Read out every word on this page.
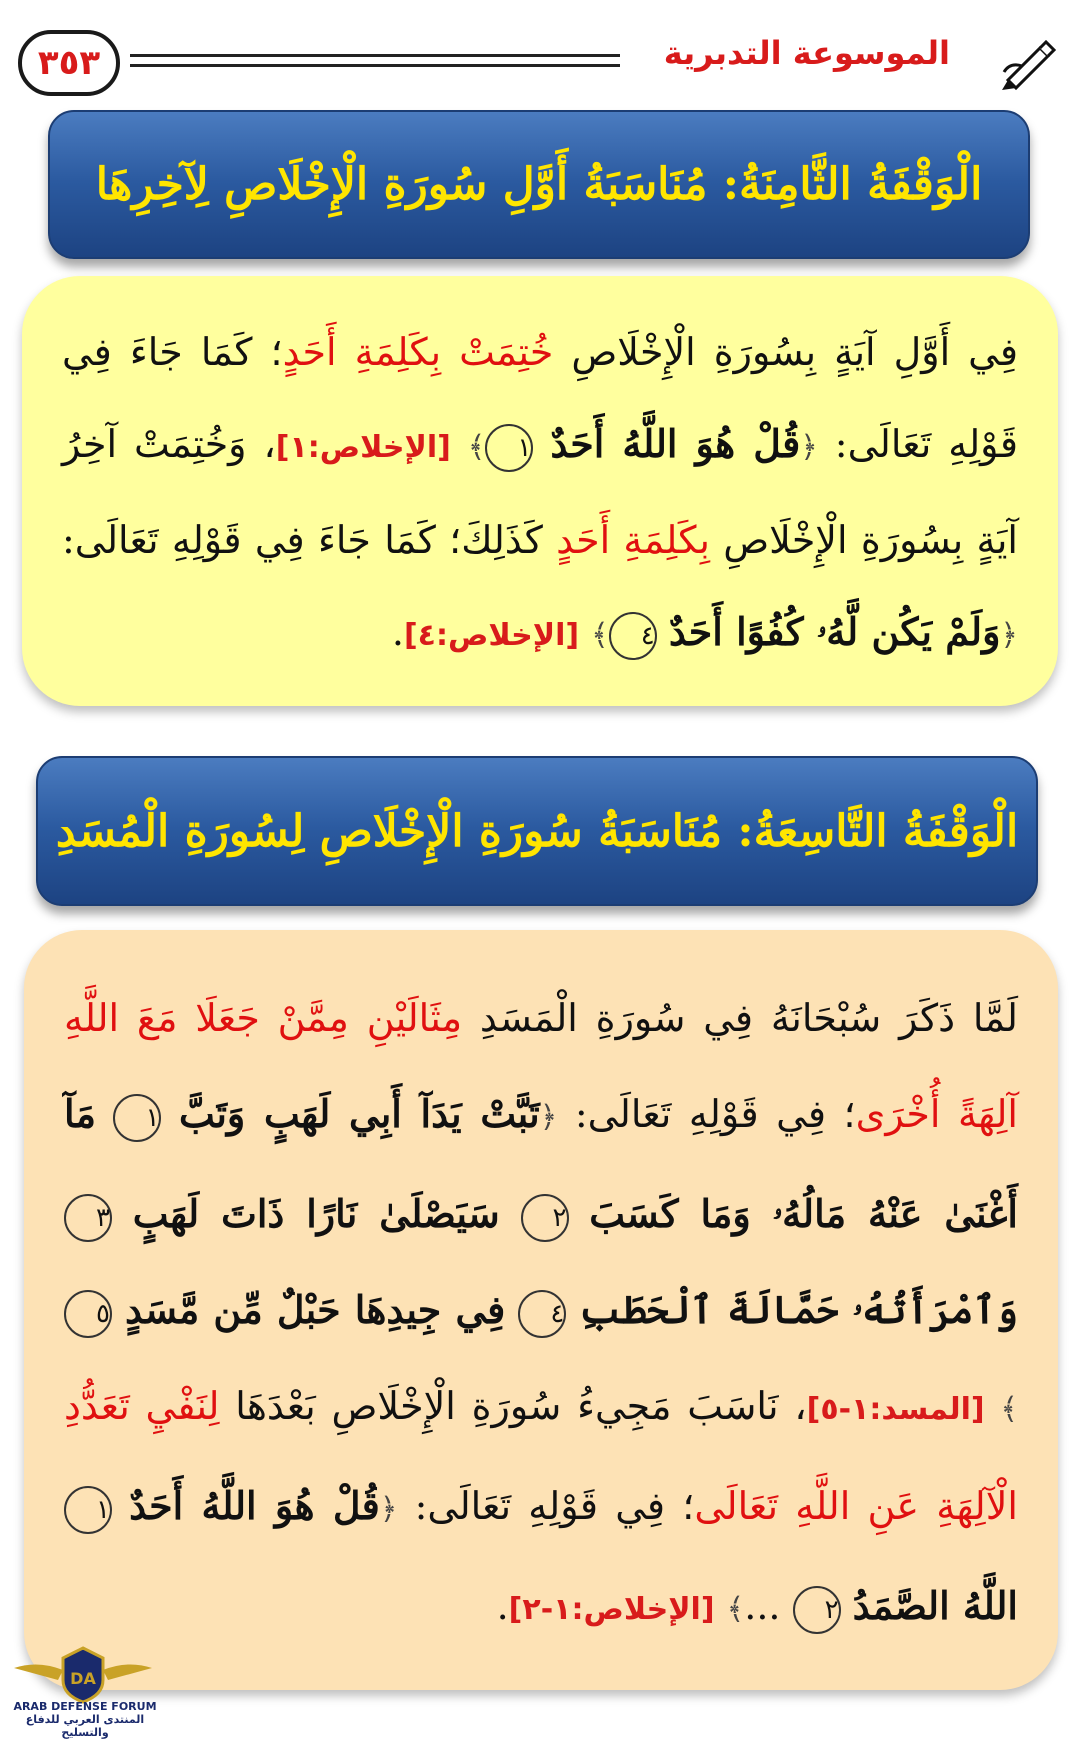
الموسوعة التدبرية
٣٥٣
الْوَقْفَةُ الثَّامِنَةُ: مُنَاسَبَةُ أَوَّلِ سُورَةِ الْإِخْلَاصِ لِآخِرِهَا

فِي أَوَّلِ آيَةٍ بِسُورَةِ الْإِخْلَاصِ خُتِمَتْ بِكَلِمَةِ أَحَدٍ؛ كَمَا جَاءَ فِي قَوْلِهِ تَعَالَى: ﴿قُلْ هُوَ اللَّهُ أَحَدٌ ١﴾ [الإخلاص:١]، وَخُتِمَتْ آخِرُ آيَةٍ بِسُورَةِ الْإِخْلَاصِ بِكَلِمَةِ أَحَدٍ كَذَلِكَ؛ كَمَا جَاءَ فِي قَوْلِهِ تَعَالَى: ﴿وَلَمْ يَكُن لَّهُۥ كُفُوًا أَحَدٌ ٤﴾ [الإخلاص:٤].

الْوَقْفَةُ التَّاسِعَةُ: مُنَاسَبَةُ سُورَةِ الْإِخْلَاصِ لِسُورَةِ الْمُسَدِ

لَمَّا ذَكَرَ سُبْحَانَهُ فِي سُورَةِ الْمَسَدِ مِثَالَيْنِ مِمَّنْ جَعَلَا مَعَ اللَّهِ آلِهَةً أُخْرَى؛ فِي قَوْلِهِ تَعَالَى: ﴿تَبَّتْ يَدَآ أَبِي لَهَبٍ وَتَبَّ ١ مَآ أَغْنَىٰ عَنْهُ مَالُهُۥ وَمَا كَسَبَ ٢ سَيَصْلَىٰ نَارًا ذَاتَ لَهَبٍ ٣ وَٱمْرَأَتُهُۥ حَمَّالَةَ ٱلْحَطَبِ ٤ فِي جِيدِهَا حَبْلٌ مِّن مَّسَدٍ ٥﴾ [المسد:١-٥]، نَاسَبَ مَجِيءُ سُورَةِ الْإِخْلَاصِ بَعْدَهَا لِنَفْيِ تَعَدُّدِ الْآلِهَةِ عَنِ اللَّهِ تَعَالَى؛ فِي قَوْلِهِ تَعَالَى: ﴿قُلْ هُوَ اللَّهُ أَحَدٌ ١ اللَّهُ الصَّمَدُ ٢ ...﴾ [الإخلاص:١-٢].

DA
ARAB DEFENSE FORUM
المنتدى العربي للدفاع والتسليح
